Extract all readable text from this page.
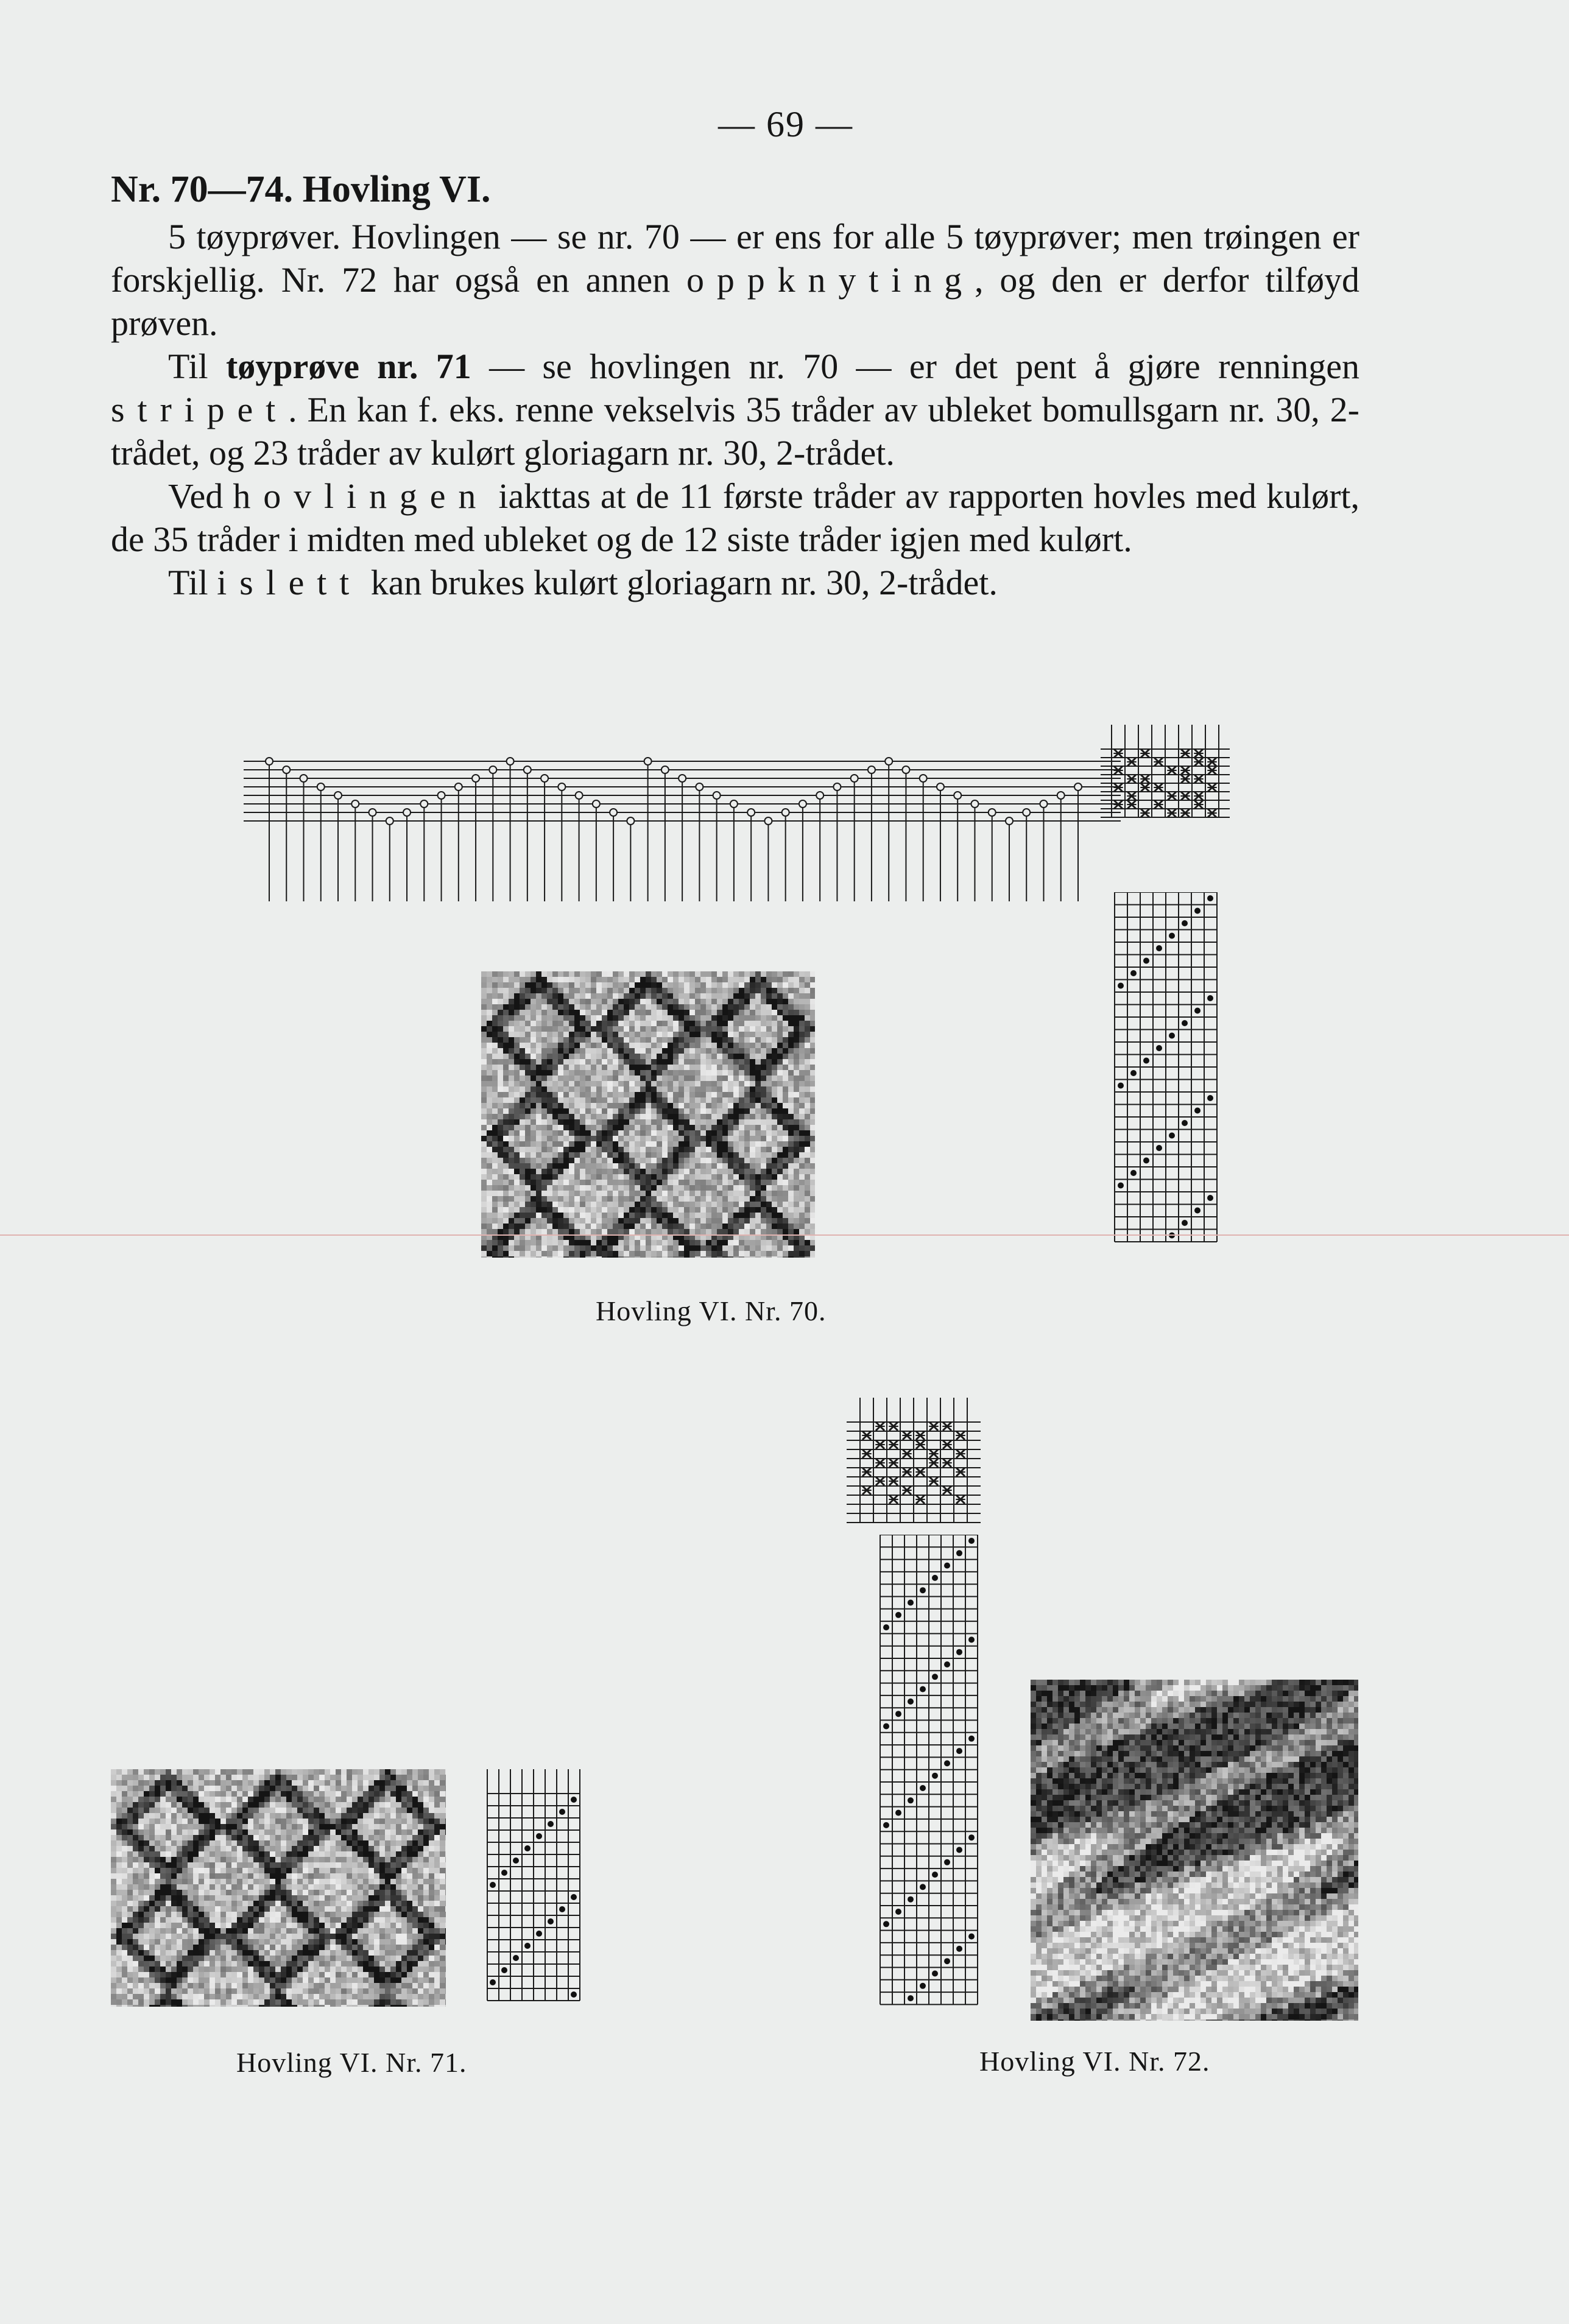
— 69 —

Nr. 70—74. Hovling VI.

5 tøyprøver. Hovlingen — se nr. 70 — er ens for alle 5 tøyprøver; men trøingen er forskjellig. Nr. 72 har også en annen oppknyting, og den er derfor tilføyd prøven.

Til tøyprøve nr. 71 — se hovlingen nr. 70 — er det pent å gjøre renningen stripet. En kan f. eks. renne vekselvis 35 tråder av ubleket bomullsgarn nr. 30, 2-trådet, og 23 tråder av kulørt gloriagarn nr. 30, 2-trådet.

Ved hovlingen iakttas at de 11 første tråder av rapporten hovles med kulørt, de 35 tråder i midten med ubleket og de 12 siste tråder igjen med kulørt.

Til islett kan brukes kulørt gloriagarn nr. 30, 2-trådet.

Hovling VI. Nr. 70.
Hovling VI. Nr. 71.	Hovling VI. Nr. 72.
